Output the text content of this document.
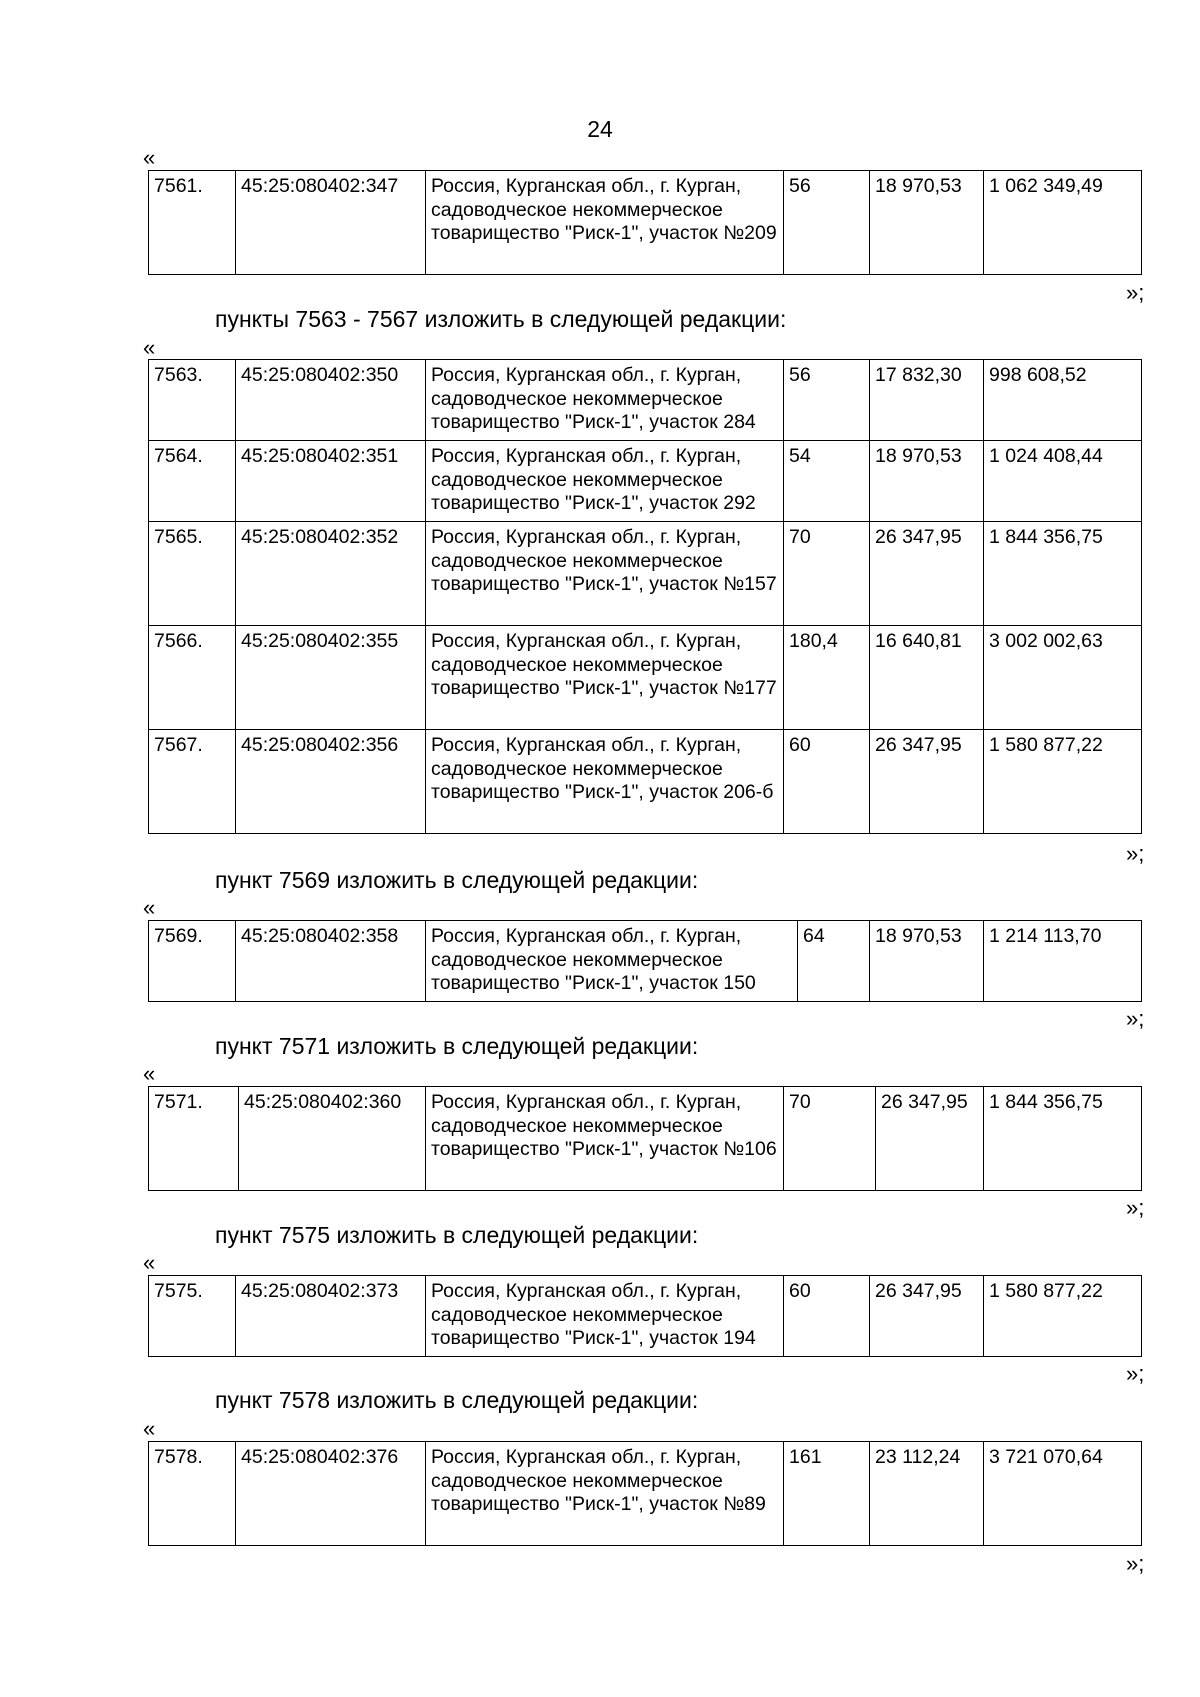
24
«
7561.	45:25:080402:347	Россия, Курганская обл., г. Курган, садоводческое некоммерческое товарищество "Риск-1", участок №209	56	18 970,53	1 062 349,49
»;
пункты 7563 - 7567 изложить в следующей редакции:
«
7563.	45:25:080402:350	Россия, Курганская обл., г. Курган, садоводческое некоммерческое товарищество "Риск-1", участок 284	56	17 832,30	998 608,52
7564.	45:25:080402:351	Россия, Курганская обл., г. Курган, садоводческое некоммерческое товарищество "Риск-1", участок 292	54	18 970,53	1 024 408,44
7565.	45:25:080402:352	Россия, Курганская обл., г. Курган, садоводческое некоммерческое товарищество "Риск-1", участок №157	70	26 347,95	1 844 356,75
7566.	45:25:080402:355	Россия, Курганская обл., г. Курган, садоводческое некоммерческое товарищество "Риск-1", участок №177	180,4	16 640,81	3 002 002,63
7567.	45:25:080402:356	Россия, Курганская обл., г. Курган, садоводческое некоммерческое товарищество "Риск-1", участок 206-б	60	26 347,95	1 580 877,22
»;
пункт 7569 изложить в следующей редакции:
«
7569.	45:25:080402:358	Россия, Курганская обл., г. Курган, садоводческое некоммерческое товарищество "Риск-1", участок 150	64	18 970,53	1 214 113,70
»;
пункт 7571 изложить в следующей редакции:
«
7571.	45:25:080402:360	Россия, Курганская обл., г. Курган, садоводческое некоммерческое товарищество "Риск-1", участок №106	70	26 347,95	1 844 356,75
»;
пункт 7575 изложить в следующей редакции:
«
7575.	45:25:080402:373	Россия, Курганская обл., г. Курган, садоводческое некоммерческое товарищество "Риск-1", участок 194	60	26 347,95	1 580 877,22
»;
пункт 7578 изложить в следующей редакции:
«
7578.	45:25:080402:376	Россия, Курганская обл., г. Курган, садоводческое некоммерческое товарищество "Риск-1", участок №89	161	23 112,24	3 721 070,64
»;
